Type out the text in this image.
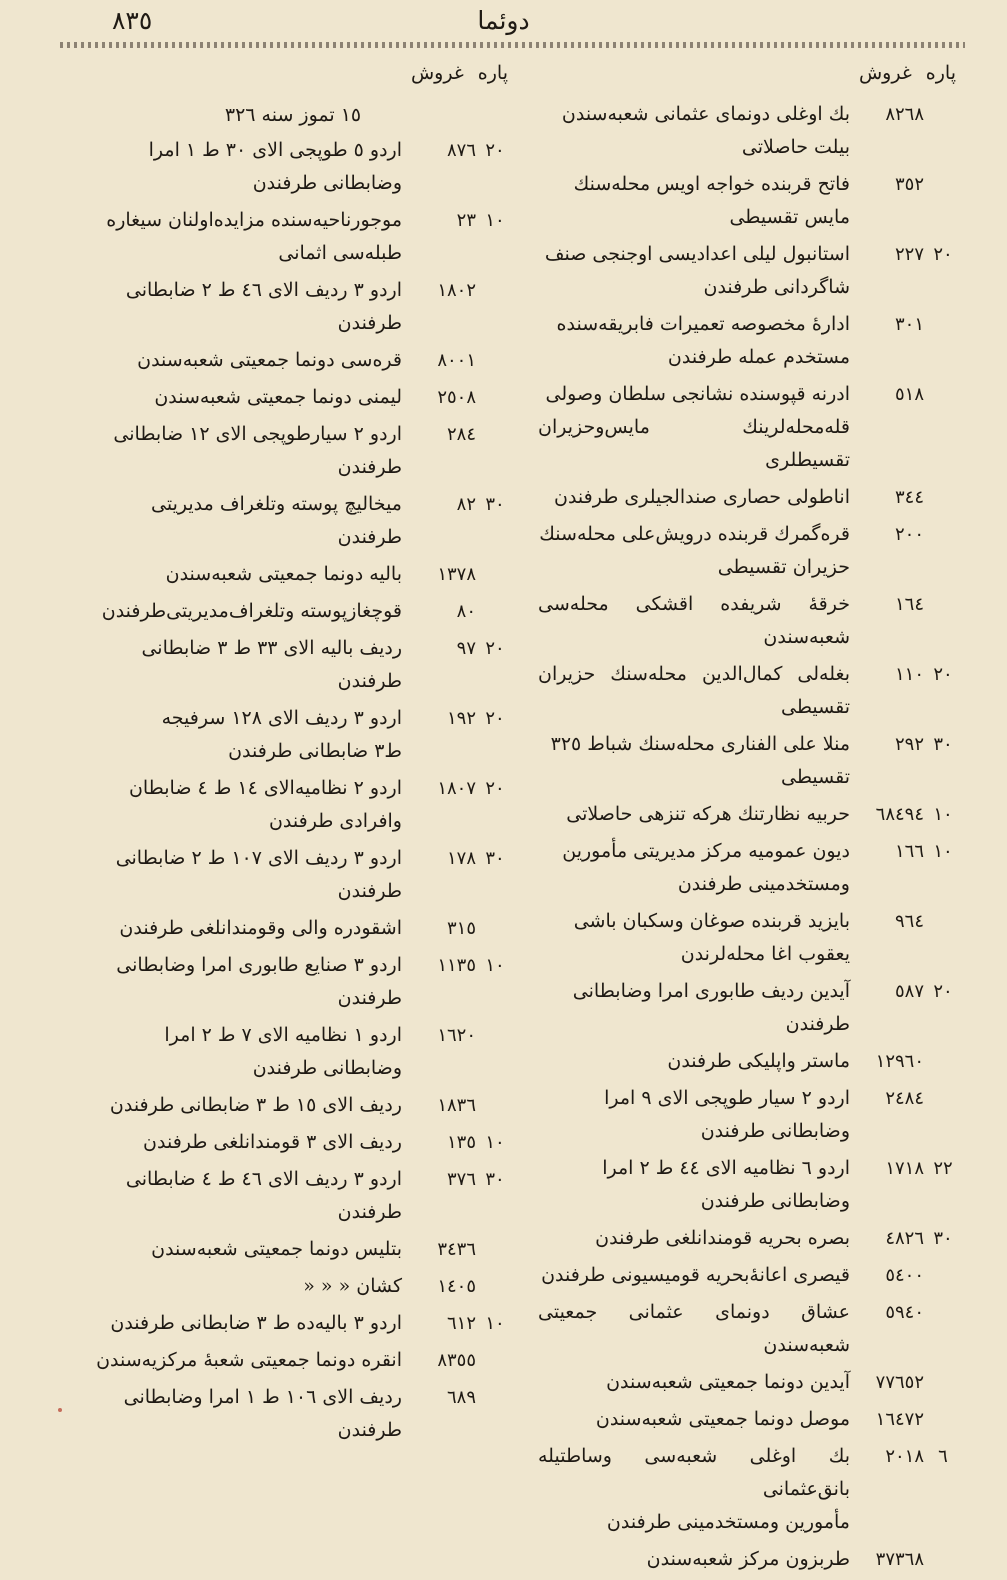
٨٣٥	دوئما
پاره
غروش
٨٢٦٨
بك اوغلی دونمای عثمانی شعبه‌سندن
بیلت حاصلاتی
٣٥٢
فاتح قربنده خواجه اویس محله‌سنك
مایس تقسیطی
٢٠
٢٢٧
استانبول لیلی اعدادیسی اوجنجی صنف
شاگردانی طرفندن
٣٠١
ادارهٔ مخصوصه تعمیرات فابریقه‌سنده
مستخدم عمله طرفندن
٥١٨
ادرنه قپوسنده نشانجی سلطان وصولی
قله‌محله‌لرینك مایس‌وحزیران تقسیطلری
٣٤٤
اناطولی حصاری صندالجیلری طرفندن
٢٠٠
قره‌گمرك قربنده درویش‌علی محله‌سنك
حزیران تقسیطی
١٦٤
خرقهٔ شریفده اقشكی محله‌سی شعبه‌سندن
٢٠
١١٠
بغله‌لی کمال‌الدین محله‌سنك حزیران تقسیطی
٣٠
٢٩٢
منلا علی الفناری محله‌سنك شباط ٣٢٥
تقسیطی
١٠
٦٨٤٩٤
حربیه نظارتنك هركه تنزهی حاصلاتی
١٠
١٦٦
دیون عمومیه مركز مدیریتی مأمورین
ومستخدمینی طرفندن
٩٦٤
بایزید قربنده صوغان وسكبان باشی
یعقوب اغا محله‌لرندن
٢٠
٥٨٧
آیدین ردیف طابوری امرا وضابطانی
طرفندن
١٢٩٦٠
ماستر واپلیكی طرفندن
٢٤٨٤
اردو ٢ سیار طوپجی الای ٩ امرا
وضابطانی طرفندن
٢٢
١٧١٨
اردو ٦ نظامیه الای ٤٤ ط ٢ امرا
وضابطانی طرفندن
٣٠
٤٨٢٦
بصره بحریه قومندانلغی طرفندن
٥٤٠٠
قیصری اعانهٔ‌بحریه قومیسیونی طرفندن
٥٩٤٠
عشاق دونمای عثمانی جمعیتی شعبه‌سندن
٧٧٦٥٢
آیدین دونما جمعیتی شعبه‌سندن
١٦٤٧٢
موصل دونما جمعیتی شعبه‌سندن
٦
٢٠١٨
بك اوغلی شعبه‌سی وساطتیله بانق‌عثمانی
مأمورین ومستخدمینی طرفندن
٣٧٣٦٨
طربزون مركز شعبه‌سندن
پاره
غروش
١٥ تموز سنه ٣٢٦
٢٠
٨٧٦
اردو ٥ طوپجی الای ٣٠ ط ١ امرا
وضابطانی طرفندن
١٠
٢٣
موجورناحیه‌سنده مزایده‌اولنان سیغاره
طبله‌سی اثمانی
١٨٠٢
اردو ٣ ردیف الای ٤٦ ط ٢ ضابطانی
طرفندن
٨٠٠١
قره‌سی دونما جمعیتی شعبه‌سندن
٢٥٠٨
لیمنی دونما جمعیتی شعبه‌سندن
٢٨٤
اردو ٢ سیارطوپجی الای ١٢ ضابطانی
طرفندن
٣٠
٨٢
میخالیچ پوسته وتلغراف مدیریتی
طرفندن
١٣٧٨
بالیه دونما جمعیتی شعبه‌سندن
٨٠
قوچغازپوسته وتلغراف‌مدیریتی‌طرفندن
٢٠
٩٧
ردیف بالیه الای ٣٣ ط ٣ ضابطانی
طرفندن
٢٠
١٩٢
اردو ٣ ردیف الای ١٢٨ سرفیجه
ط٣ ضابطانی طرفندن
٢٠
١٨٠٧
اردو ٢ نظامیه‌الای ١٤ ط ٤ ضابطان
وافرادی طرفندن
٣٠
١٧٨
اردو ٣ ردیف الای ١٠٧ ط ٢ ضابطانی
طرفندن
٣١٥
اشقودره والی وقومندانلغی طرفندن
١٠
١١٣٥
اردو ٣ صنایع طابوری امرا وضابطانی
طرفندن
١٦٢٠
اردو ١ نظامیه الای ٧ ط ٢ امرا
وضابطانی طرفندن
١٨٣٦
ردیف الای ١٥ ط ٣ ضابطانی طرفندن
١٠
١٣٥
ردیف الای ٣ قومندانلغی طرفندن
٣٠
٣٧٦
اردو ٣ ردیف الای ٤٦ ط ٤ ضابطانی
طرفندن
٣٤٣٦
بتلیس دونما جمعیتی شعبه‌سندن
١٤٠٥
كشان « « «
١٠
٦١٢
اردو ٣ بالیه‌ده ط ٣ ضابطانی طرفندن
٨٣٥٥
انقره دونما جمعیتی شعبهٔ مركزیه‌سندن
٦٨٩
ردیف الای ١٠٦ ط ١ امرا وضابطانی
طرفندن
